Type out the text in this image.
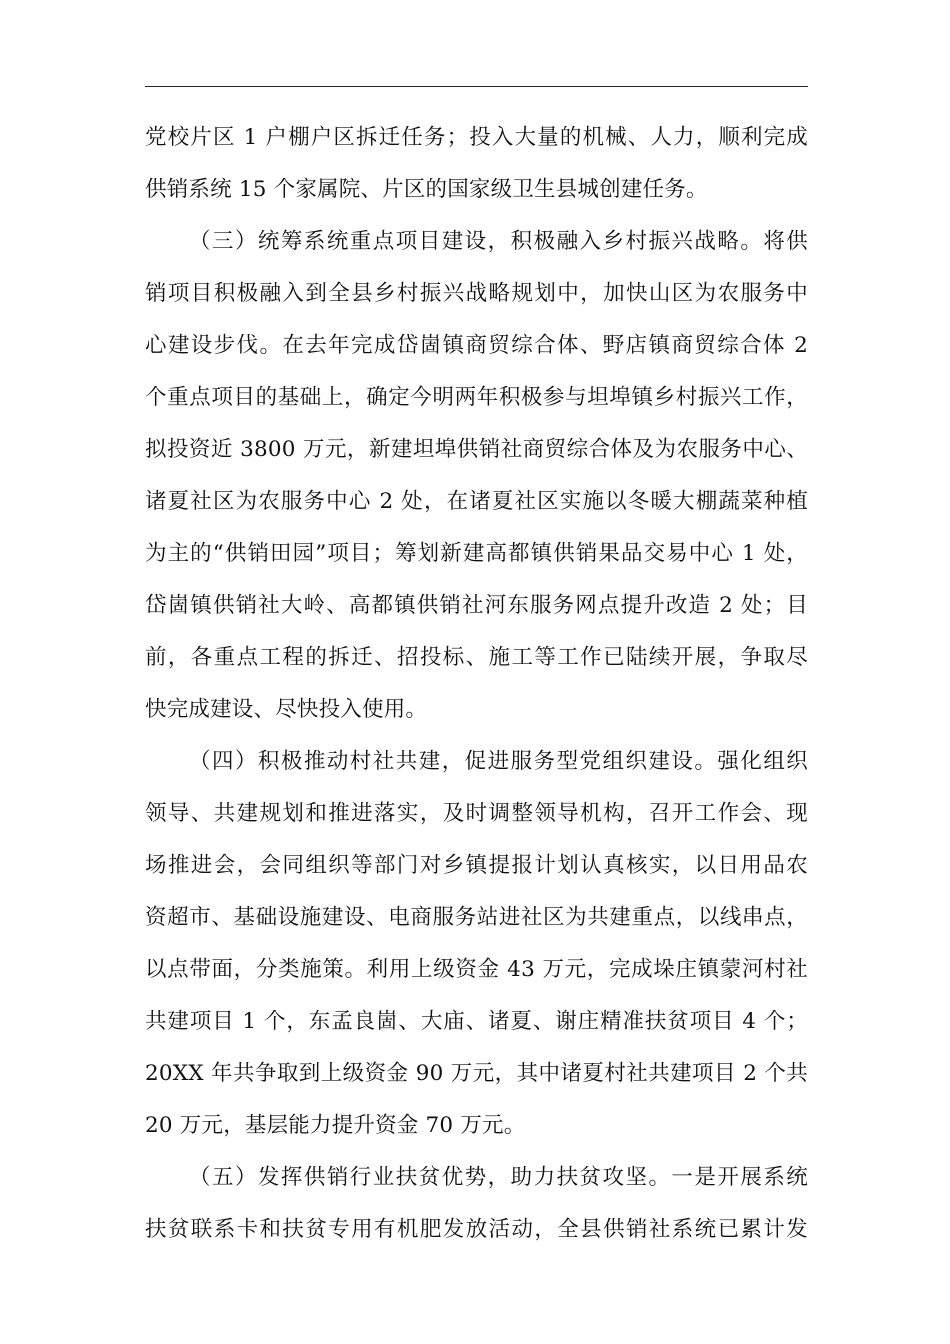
党校片区 1 户棚户区拆迁任务；投入大量的机械、人力，顺利完成
供销系统 15 个家属院、片区的国家级卫生县城创建任务。
（三）统筹系统重点项目建设，积极融入乡村振兴战略。将供
销项目积极融入到全县乡村振兴战略规划中，加快山区为农服务中
心建设步伐。在去年完成岱崮镇商贸综合体、野店镇商贸综合体 2
个重点项目的基础上，确定今明两年积极参与坦埠镇乡村振兴工作，
拟投资近 3800 万元，新建坦埠供销社商贸综合体及为农服务中心、
诸夏社区为农服务中心 2 处，在诸夏社区实施以冬暖大棚蔬菜种植
为主的“供销田园”项目；筹划新建高都镇供销果品交易中心 1 处，
岱崮镇供销社大岭、高都镇供销社河东服务网点提升改造 2 处；目
前，各重点工程的拆迁、招投标、施工等工作已陆续开展，争取尽
快完成建设、尽快投入使用。
（四）积极推动村社共建，促进服务型党组织建设。强化组织
领导、共建规划和推进落实，及时调整领导机构，召开工作会、现
场推进会，会同组织等部门对乡镇提报计划认真核实，以日用品农
资超市、基础设施建设、电商服务站进社区为共建重点，以线串点，
以点带面，分类施策。利用上级资金 43 万元，完成垛庄镇蒙河村社
共建项目 1 个，东孟良崮、大庙、诸夏、谢庄精准扶贫项目 4 个；
20XX 年共争取到上级资金 90 万元，其中诸夏村社共建项目 2 个共
20 万元，基层能力提升资金 70 万元。
（五）发挥供销行业扶贫优势，助力扶贫攻坚。一是开展系统
扶贫联系卡和扶贫专用有机肥发放活动，全县供销社系统已累计发
